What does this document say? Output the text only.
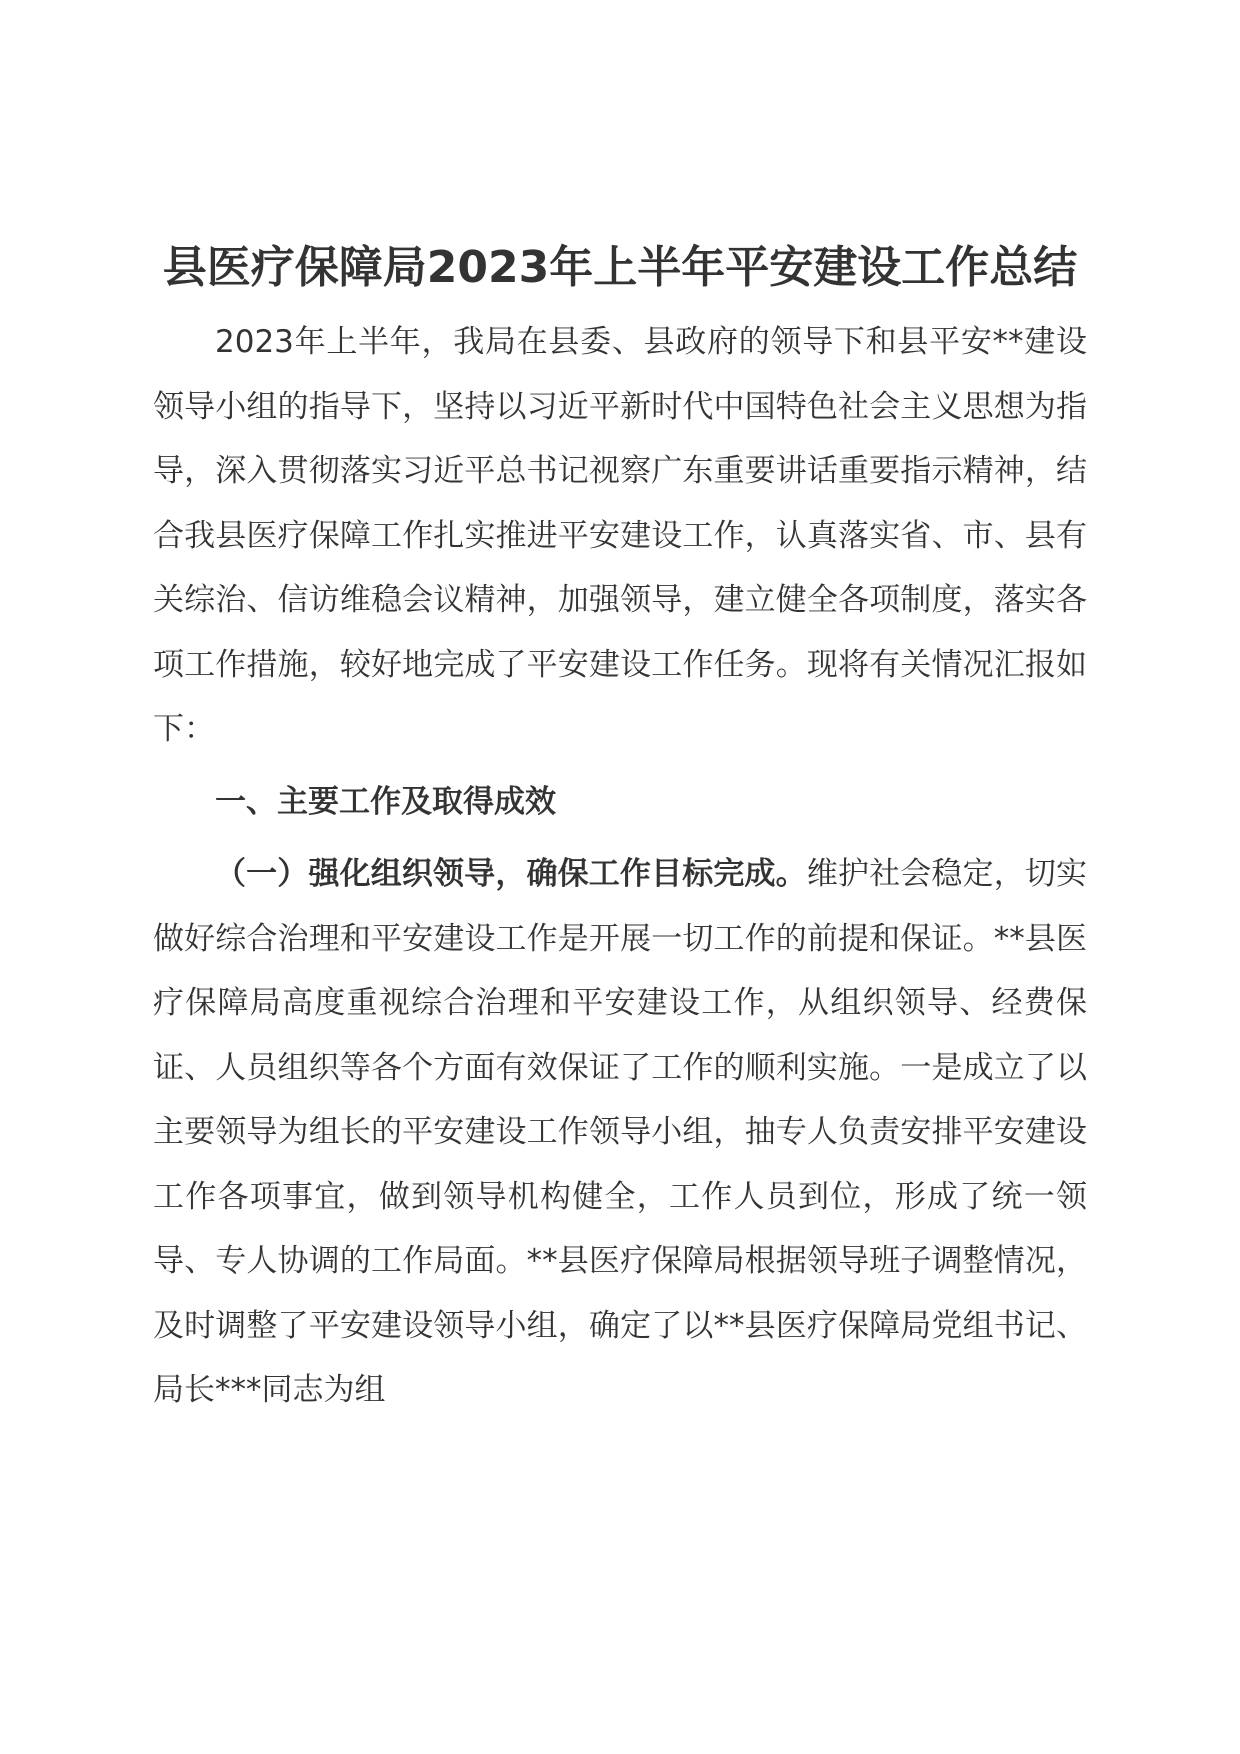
县医疗保障局2023年上半年平安建设工作总结

2023年上半年，我局在县委、县政府的领导下和县平安**建设领导小组的指导下，坚持以习近平新时代中国特色社会主义思想为指导，深入贯彻落实习近平总书记视察广东重要讲话重要指示精神，结合我县医疗保障工作扎实推进平安建设工作，认真落实省、市、县有关综治、信访维稳会议精神，加强领导，建立健全各项制度，落实各项工作措施，较好地完成了平安建设工作任务。现将有关情况汇报如下：

一、主要工作及取得成效

（一）强化组织领导，确保工作目标完成。维护社会稳定，切实做好综合治理和平安建设工作是开展一切工作的前提和保证。**县医疗保障局高度重视综合治理和平安建设工作，从组织领导、经费保证、人员组织等各个方面有效保证了工作的顺利实施。一是成立了以主要领导为组长的平安建设工作领导小组，抽专人负责安排平安建设工作各项事宜，做到领导机构健全，工作人员到位，形成了统一领导、专人协调的工作局面。**县医疗保障局根据领导班子调整情况，及时调整了平安建设领导小组，确定了以**县医疗保障局党组书记、局长***同志为组
